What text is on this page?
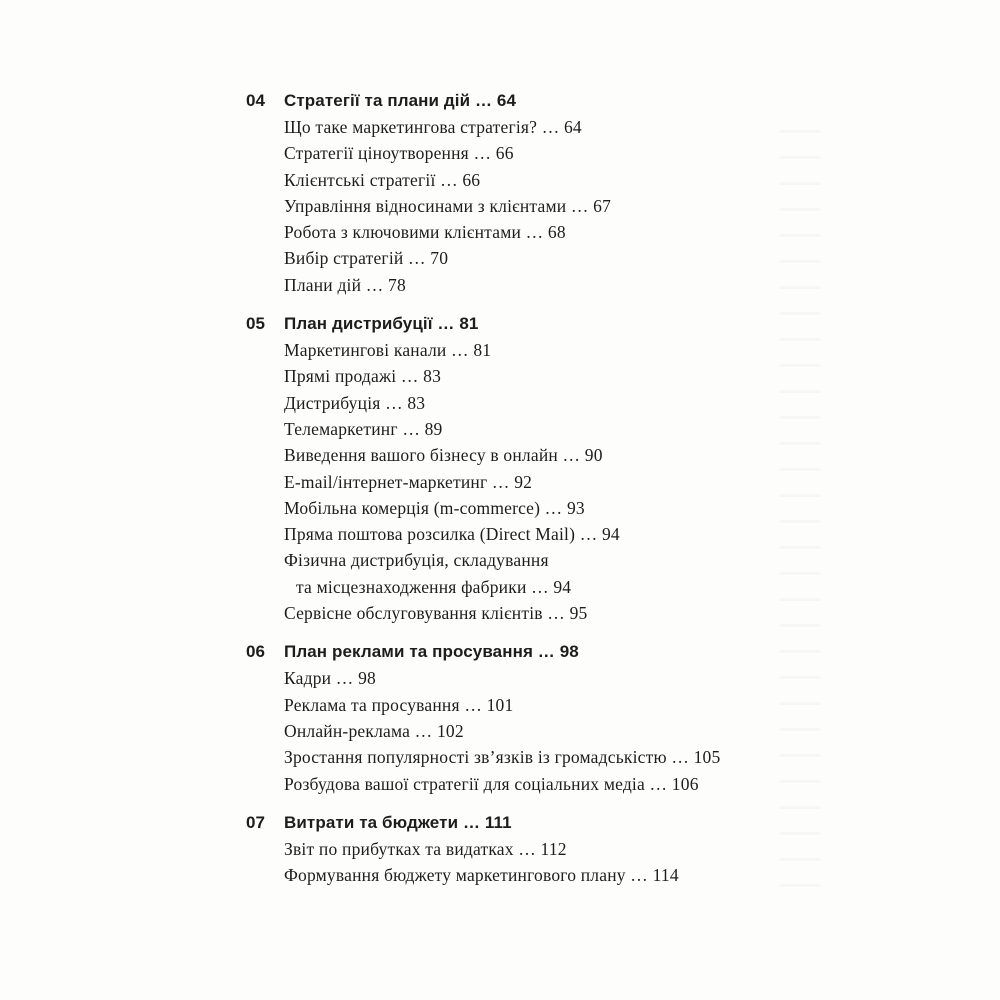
04 Стратегії та плани дій … 64
Що таке маркетингова стратегія? … 64
Стратегії ціноутворення … 66
Клієнтські стратегії … 66
Управління відносинами з клієнтами … 67
Робота з ключовими клієнтами … 68
Вибір стратегій … 70
Плани дій … 78
05 План дистрибуції … 81
Маркетингові канали … 81
Прямі продажі … 83
Дистрибуція … 83
Телемаркетинг … 89
Виведення вашого бізнесу в онлайн … 90
E-mail/інтернет-маркетинг … 92
Мобільна комерція (m-commerce) … 93
Пряма поштова розсилка (Direct Mail) … 94
Фізична дистрибуція, складування
та місцезнаходження фабрики … 94
Сервісне обслуговування клієнтів … 95
06 План реклами та просування … 98
Кадри … 98
Реклама та просування … 101
Онлайн-реклама … 102
Зростання популярності зв’язків із громадськістю … 105
Розбудова вашої стратегії для соціальних медіа … 106
07 Витрати та бюджети … 111
Звіт по прибутках та видатках … 112
Формування бюджету маркетингового плану … 114
